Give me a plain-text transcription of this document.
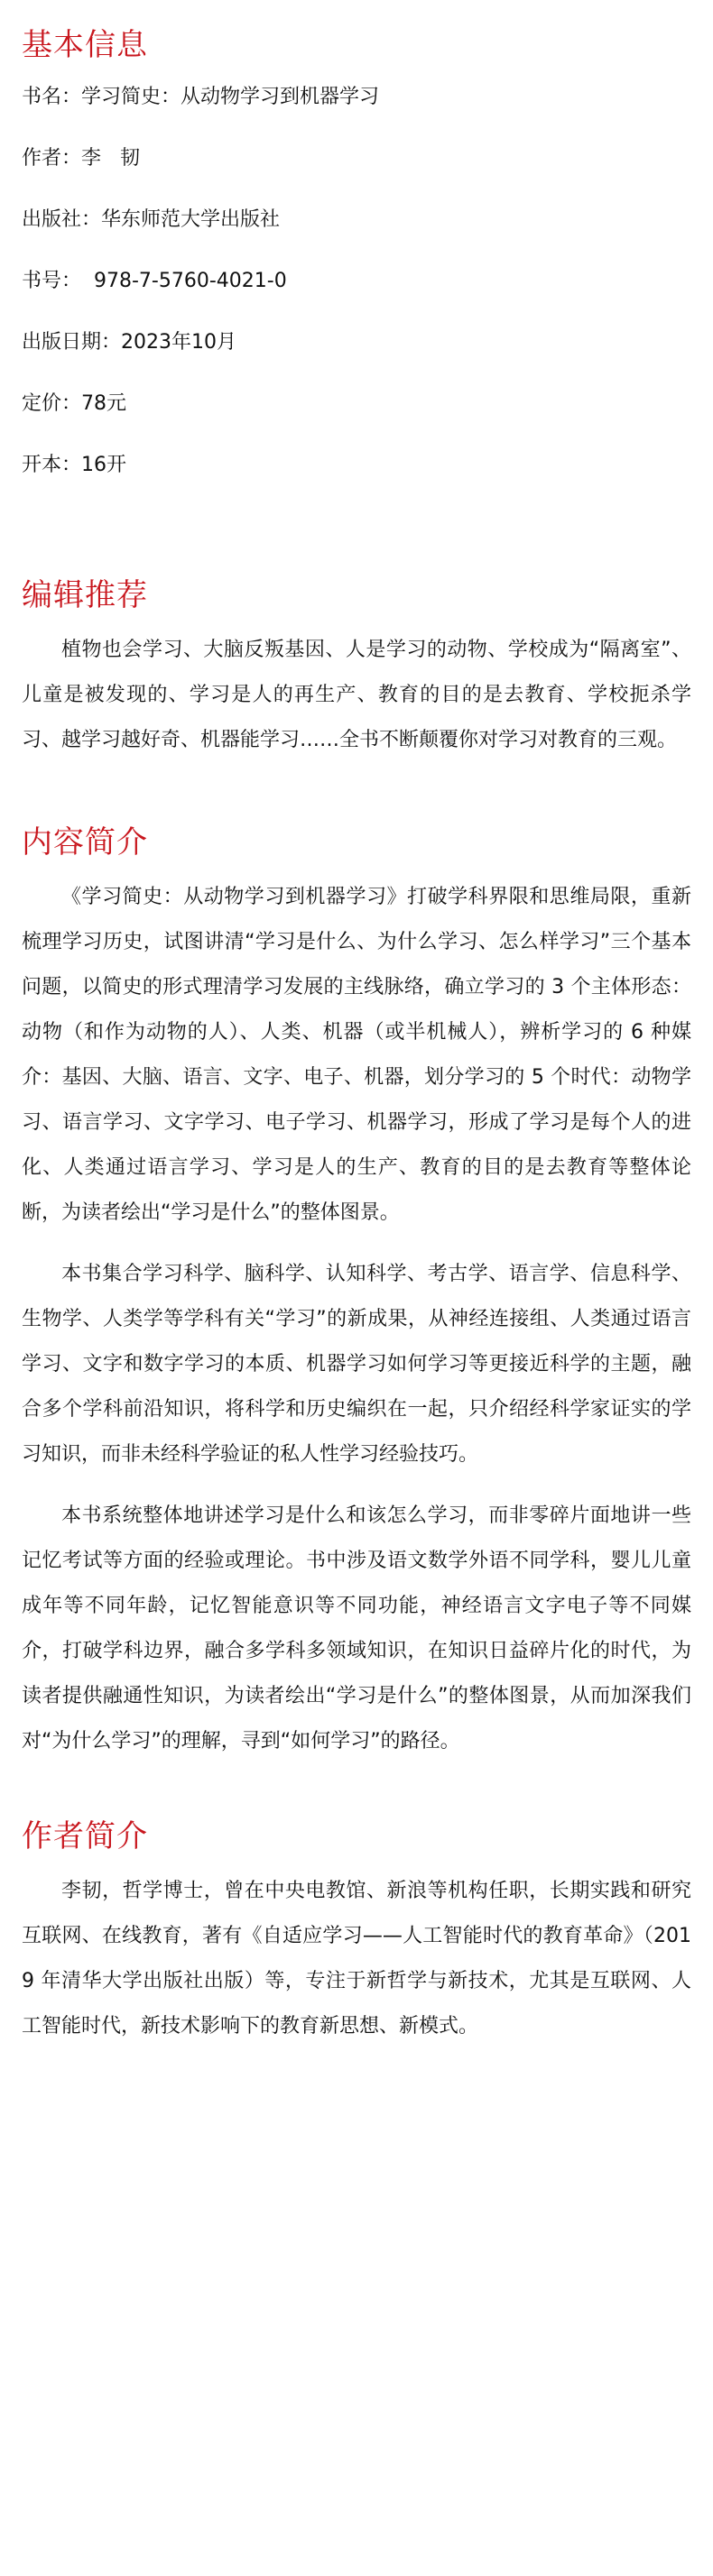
基本信息
书名：学习简史：从动物学习到机器学习
作者：李   韧
出版社：华东师范大学出版社
书号：  978-7-5760-4021-0
出版日期：2023年10月
定价：78元
开本：16开
编辑推荐

植物也会学习、大脑反叛基因、人是学习的动物、学校成为“隔离室”、儿童是被发现的、学习是人的再生产、教育的目的是去教育、学校扼杀学习、越学习越好奇、机器能学习……全书不断颠覆你对学习对教育的三观。

内容简介

《学习简史：从动物学习到机器学习》打破学科界限和思维局限，重新梳理学习历史，试图讲清“学习是什么、为什么学习、怎么样学习”三个基本问题，以简史的形式理清学习发展的主线脉络，确立学习的 3 个主体形态：动物（和作为动物的人）、人类、机器（或半机械人），辨析学习的 6 种媒介：基因、大脑、语言、文字、电子、机器，划分学习的 5 个时代：动物学习、语言学习、文字学习、电子学习、机器学习，形成了学习是每个人的进化、人类通过语言学习、学习是人的生产、教育的目的是去教育等整体论断，为读者绘出“学习是什么”的整体图景。

本书集合学习科学、脑科学、认知科学、考古学、语言学、信息科学、生物学、人类学等学科有关“学习”的新成果，从神经连接组、人类通过语言学习、文字和数字学习的本质、机器学习如何学习等更接近科学的主题，融合多个学科前沿知识，将科学和历史编织在一起，只介绍经科学家证实的学习知识，而非未经科学验证的私人性学习经验技巧。

本书系统整体地讲述学习是什么和该怎么学习，而非零碎片面地讲一些记忆考试等方面的经验或理论。书中涉及语文数学外语不同学科，婴儿儿童成年等不同年龄，记忆智能意识等不同功能，神经语言文字电子等不同媒介，打破学科边界，融合多学科多领域知识，在知识日益碎片化的时代，为读者提供融通性知识，为读者绘出“学习是什么”的整体图景，从而加深我们对“为什么学习”的理解，寻到“如何学习”的路径。

作者简介

李韧，哲学博士，曾在中央电教馆、新浪等机构任职，长期实践和研究互联网、在线教育，著有《自适应学习——人工智能时代的教育革命》（2019 年清华大学出版社出版）等，专注于新哲学与新技术，尤其是互联网、人工智能时代，新技术影响下的教育新思想、新模式。
